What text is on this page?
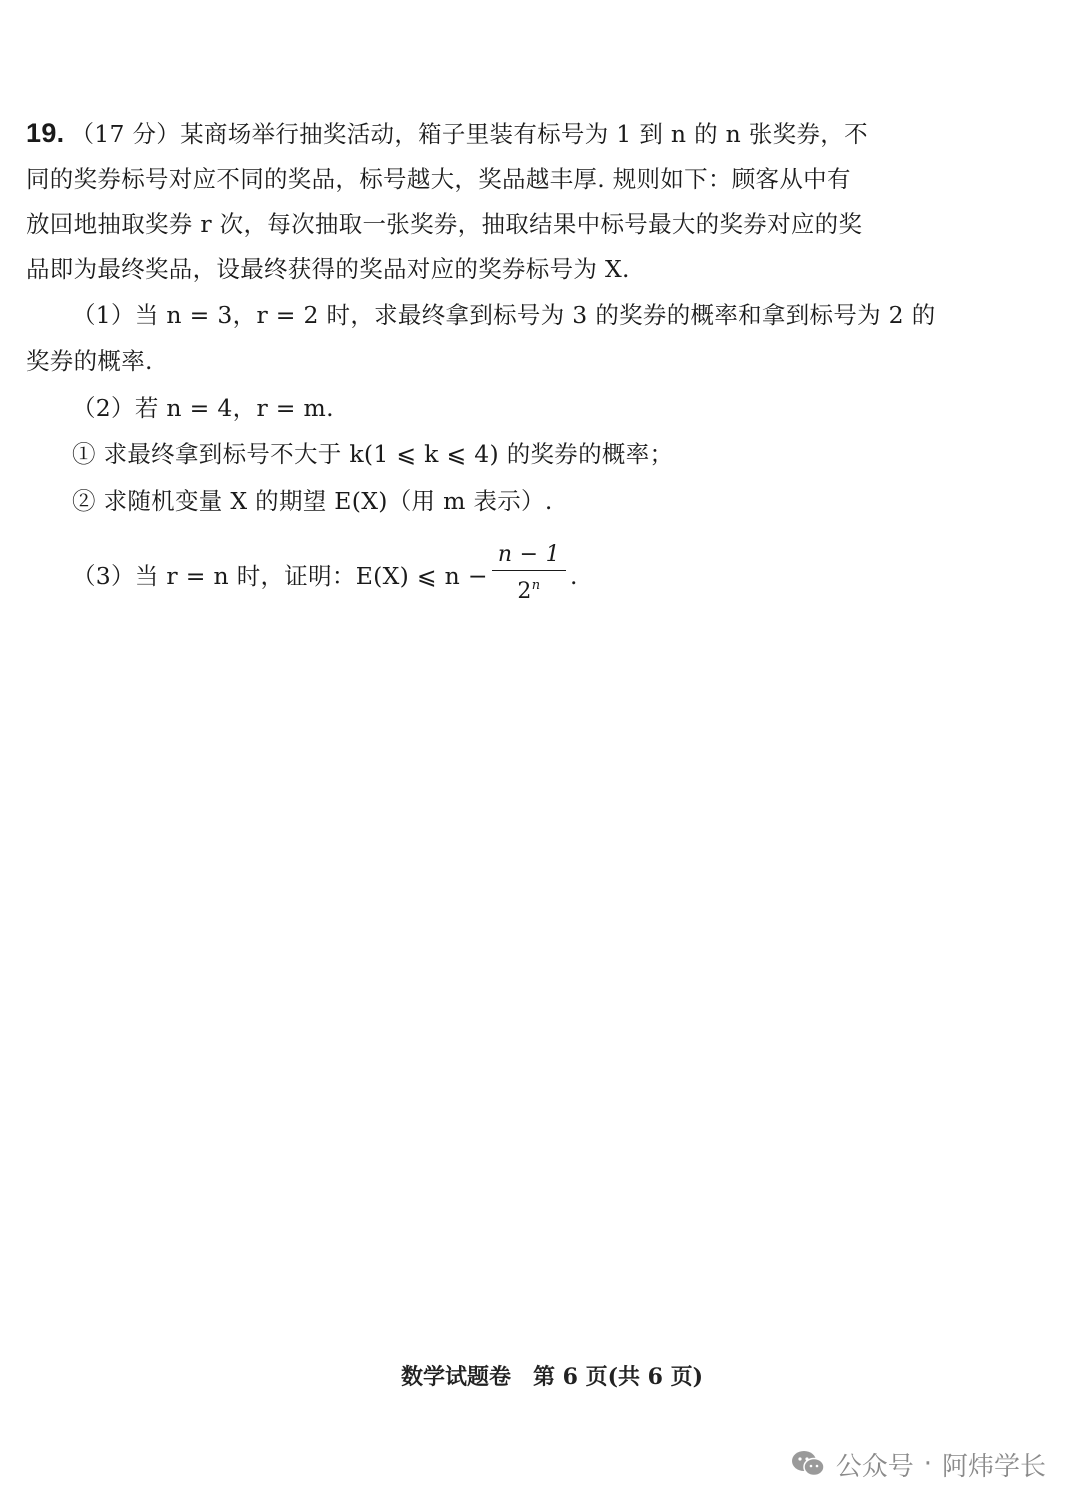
19. （17 分）某商场举行抽奖活动，箱子里装有标号为 1 到 n 的 n 张奖券，不
同的奖券标号对应不同的奖品，标号越大，奖品越丰厚. 规则如下：顾客从中有
放回地抽取奖券 r 次，每次抽取一张奖券，抽取结果中标号最大的奖券对应的奖
品即为最终奖品，设最终获得的奖品对应的奖券标号为 X.
（1）当 n = 3，r = 2 时，求最终拿到标号为 3 的奖券的概率和拿到标号为 2 的
奖券的概率.
（2）若 n = 4，r = m.
① 求最终拿到标号不大于 k(1 ⩽ k ⩽ 4) 的奖券的概率；
② 求随机变量 X 的期望 E(X)（用 m 表示）.
（3）当 r = n 时，证明：E(X) ⩽ $n - \frac{n - 1}{2^n}$ .
数学试题卷　第 6 页(共 6 页)
公众号 · 阿炜学长
